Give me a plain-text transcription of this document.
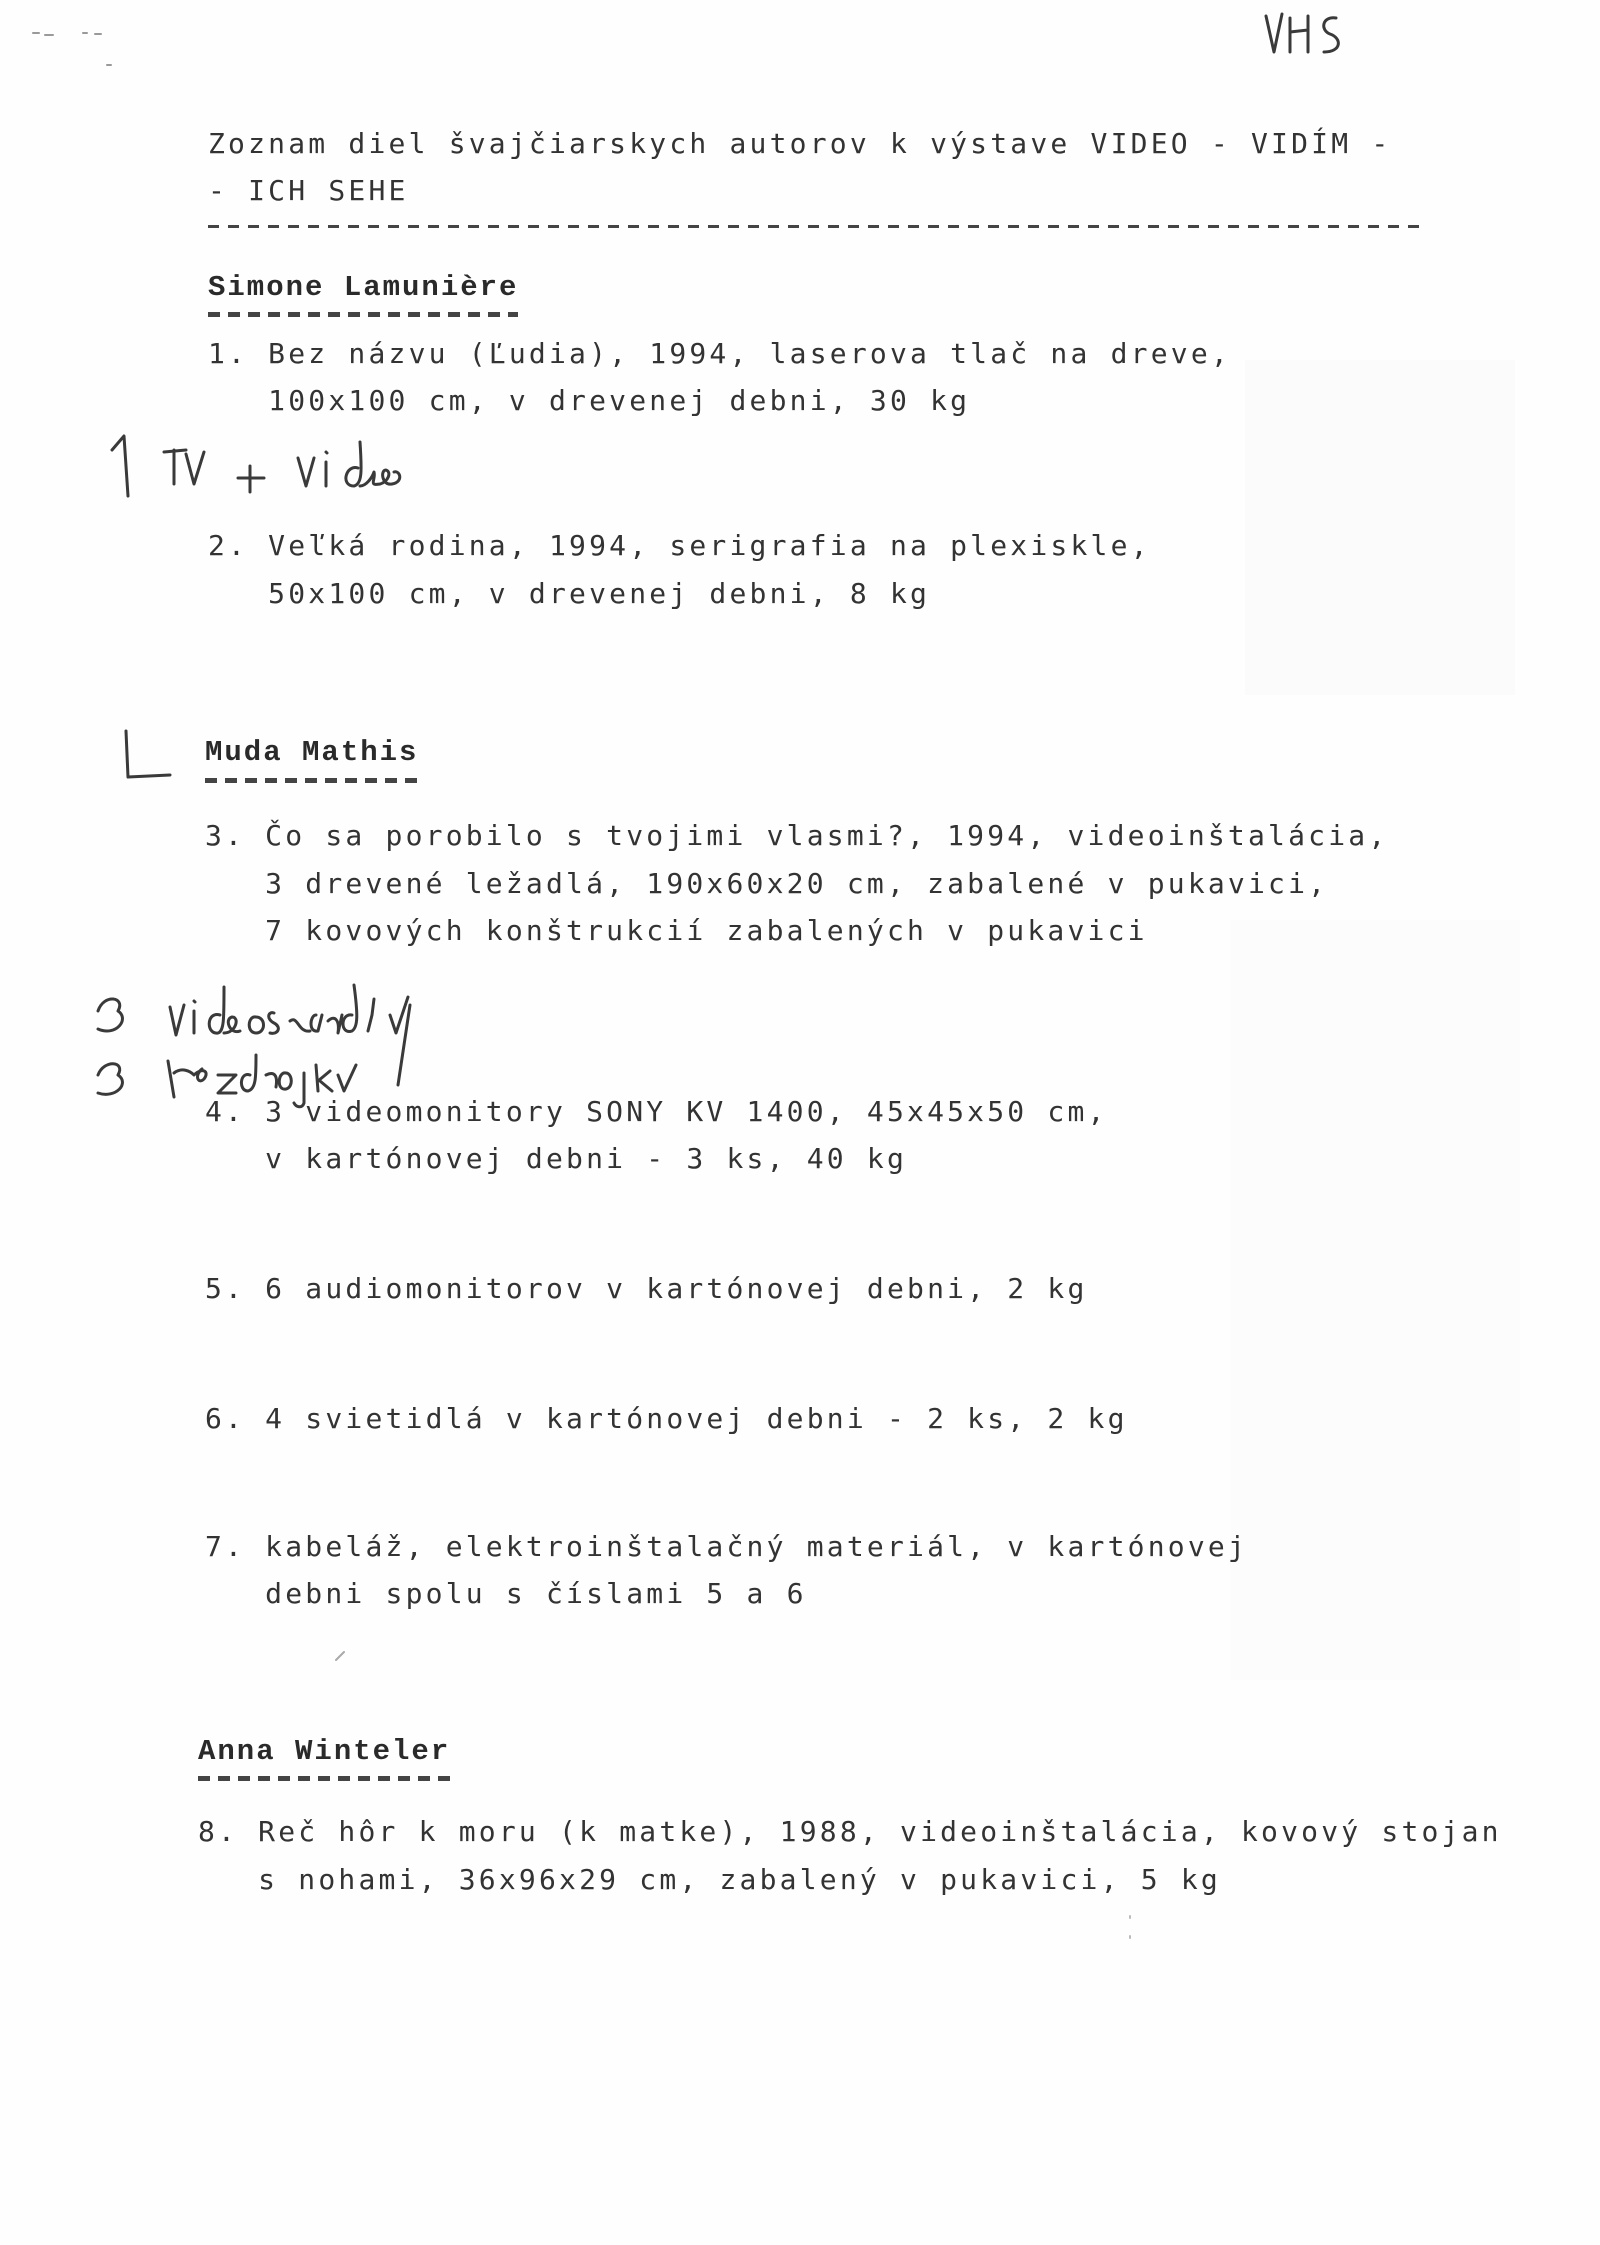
Zoznam diel švajčiarskych autorov k výstave VIDEO - VIDÍM -
- ICH SEHE
Simone Lamunière
1. Bez názvu (Ľudia), 1994, laserova tlač na dreve,
100x100 cm, v drevenej debni, 30 kg
2. Veľká rodina, 1994, serigrafia na plexiskle,
50x100 cm, v drevenej debni, 8 kg
Muda Mathis
3. Čo sa porobilo s tvojimi vlasmi?, 1994, videoinštalácia,
3 drevené ležadlá, 190x60x20 cm, zabalené v pukavici,
7 kovových konštrukcií zabalených v pukavici
4. 3 videomonitory SONY KV 1400, 45x45x50 cm,
v kartónovej debni - 3 ks, 40 kg
5. 6 audiomonitorov v kartónovej debni, 2 kg
6. 4 svietidlá v kartónovej debni - 2 ks, 2 kg
7. kabeláž, elektroinštalačný materiál, v kartónovej
debni spolu s číslami 5 a 6
Anna Winteler
8. Reč hôr k moru (k matke), 1988, videoinštalácia, kovový stojan
s nohami, 36x96x29 cm, zabalený v pukavici, 5 kg
